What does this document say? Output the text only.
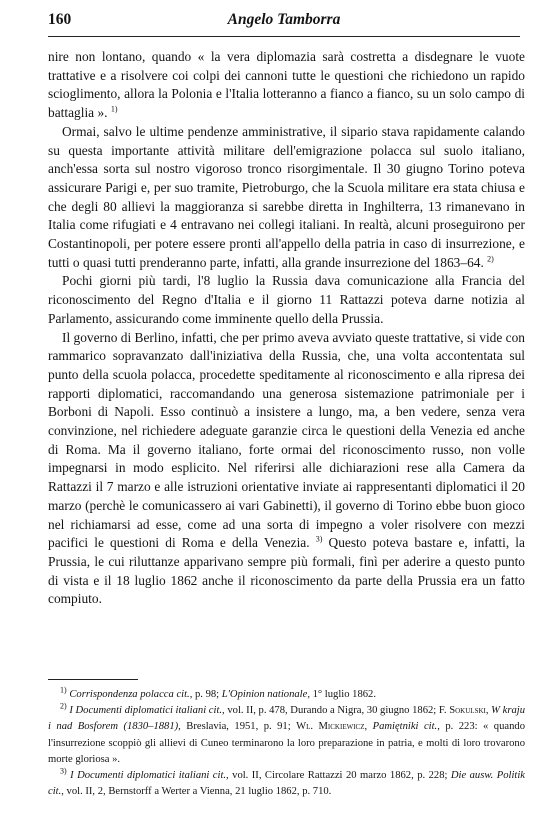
160	Angelo Tamborra

nire non lontano, quando « la vera diplomazia sarà costretta a disdegnare le vuote trattative e a risolvere coi colpi dei cannoni tutte le questioni che richiedono un rapido scioglimento, allora la Polonia e l'Italia lotteranno a fianco a fianco, su un solo campo di battaglia ». $^{1)}$

Ormai, salvo le ultime pendenze amministrative, il sipario stava rapidamente calando su questa importante attività militare dell'emigrazione polacca sul suolo italiano, anch'essa sorta sul nostro vigoroso tronco risorgimentale. Il 30 giugno Torino poteva assicurare Parigi e, per suo tramite, Pietroburgo, che la Scuola militare era stata chiusa e che degli 80 allievi la maggioranza si sarebbe diretta in Inghilterra, 13 rimanevano in Italia come rifugiati e 4 entravano nei collegi italiani. In realtà, alcuni proseguirono per Costantinopoli, per potere essere pronti all'appello della patria in caso di insurrezione, e tutti o quasi tutti prenderanno parte, infatti, alla grande insurrezione del 1863–64. $^{2)}$

Pochi giorni più tardi, l'8 luglio la Russia dava comunicazione alla Francia del riconoscimento del Regno d'Italia e il giorno 11 Rattazzi poteva darne notizia al Parlamento, assicurando come imminente quello della Prussia.

Il governo di Berlino, infatti, che per primo aveva avviato queste trattative, si vide con rammarico sopravanzato dall'iniziativa della Russia, che, una volta accontentata sul punto della scuola polacca, procedette speditamente al riconoscimento e alla ripresa dei rapporti diplomatici, raccomandando una generosa sistemazione patrimoniale per i Borboni di Napoli. Esso continuò a insistere a lungo, ma, a ben vedere, senza vera convinzione, nel richiedere adeguate garanzie circa le questioni della Venezia ed anche di Roma. Ma il governo italiano, forte ormai del riconoscimento russo, non volle impegnarsi in modo esplicito. Nel riferirsi alle dichiarazioni rese alla Camera da Rattazzi il 7 marzo e alle istruzioni orientative inviate ai rappresentanti diplomatici il 20 marzo (perchè le comunicassero ai vari Gabinetti), il governo di Torino ebbe buon gioco nel richiamarsi ad esse, come ad una sorta di impegno a voler risolvere con mezzi pacifici le questioni di Roma e della Venezia. $^{3)}$ Questo poteva bastare e, infatti, la Prussia, le cui riluttanze apparivano sempre più formali, finì per aderire a questo punto di vista e il 18 luglio 1862 anche il riconoscimento da parte della Prussia era un fatto compiuto.

$^{1)}$ Corrispondenza polacca cit., p. 98; L'Opinion nationale, 1° luglio 1862.

$^{2)}$ I Documenti diplomatici italiani cit., vol. II, p. 478, Durando a Nigra, 30 giugno 1862; F. Sokulski, W kraju i nad Bosforem (1830–1881), Breslavia, 1951, p. 91; Wl. Mickiewicz, Pamiętniki cit., p. 223: « quando l'insurrezione scoppiò gli allievi di Cuneo terminarono la loro preparazione in patria, e molti di loro trovarono morte gloriosa ».

$^{3)}$ I Documenti diplomatici italiani cit., vol. II, Circolare Rattazzi 20 marzo 1862, p. 228; Die ausw. Politik cit., vol. II, 2, Bernstorff a Werter a Vienna, 21 luglio 1862, p. 710.
